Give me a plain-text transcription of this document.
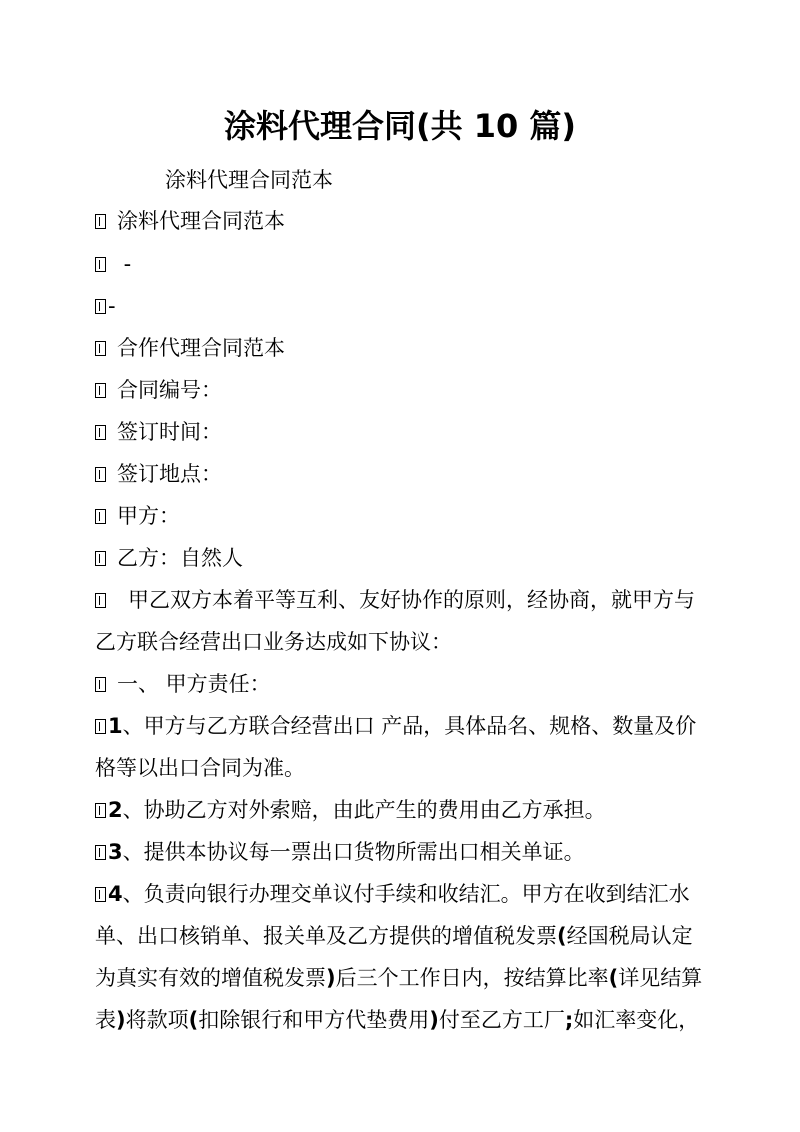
涂料代理合同(共 10 篇)
涂料代理合同范本
涂料代理合同范本
-
-
合作代理合同范本
合同编号：
签订时间：
签订地点：
甲方：
乙方：自然人
甲乙双方本着平等互利、友好协作的原则，经协商，就甲方与
乙方联合经营出口业务达成如下协议：
一、 甲方责任：
1、甲方与乙方联合经营出口 产品，具体品名、规格、数量及价
格等以出口合同为准。
2、协助乙方对外索赔，由此产生的费用由乙方承担。
3、提供本协议每一票出口货物所需出口相关单证。
4、负责向银行办理交单议付手续和收结汇。甲方在收到结汇水
单、出口核销单、报关单及乙方提供的增值税发票(经国税局认定
为真实有效的增值税发票)后三个工作日内，按结算比率(详见结算
表)将款项(扣除银行和甲方代垫费用)付至乙方工厂;如汇率变化，
